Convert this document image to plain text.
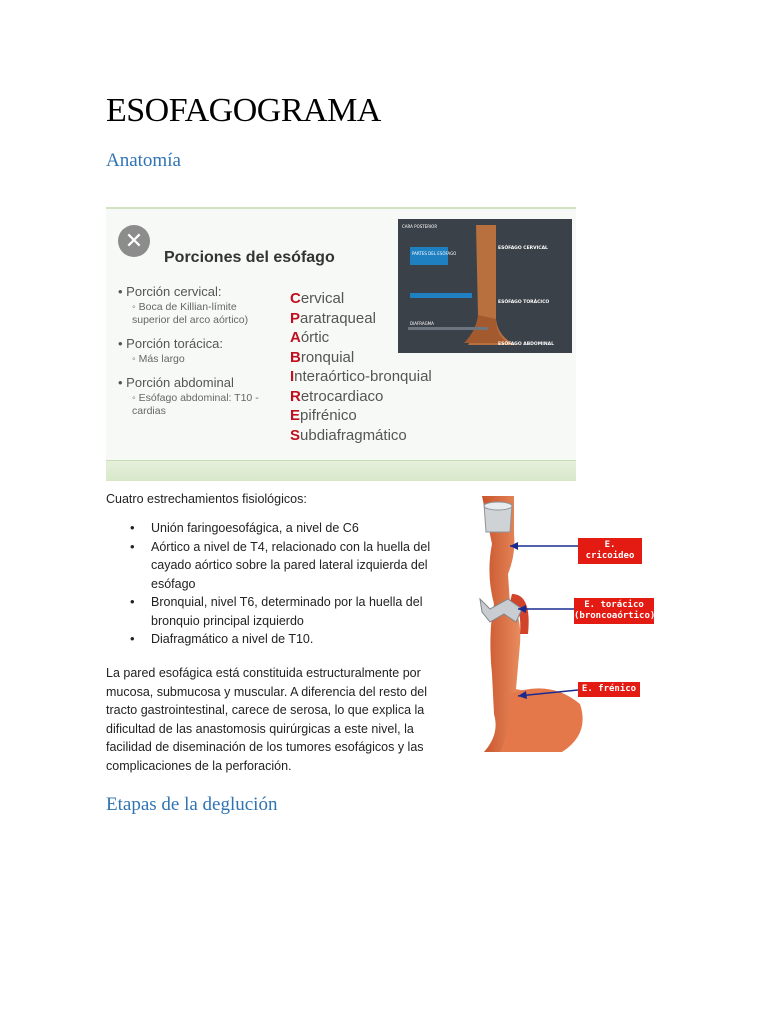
ESOFAGOGRAMA
Anatomía
✕
Porciones del esófago
• Porción cervical:
◦ Boca de Killian-límite superior del arco aórtico)
• Porción torácica:
◦ Más largo
• Porción abdominal
◦ Esófago abdominal: T10 - cardias
Cervical
Paratraqueal
Aórtic
Bronquial
Interaórtico-bronquial
Retrocardiaco
Epifrénico
Subdiafragmático
CARA POSTERIOR
PARTES DEL ESÓFAGO
ESÓFAGO CERVICAL
ESÓFAGO TORÁCICO
ESÓFAGO ABDOMINAL
DIAFRAGMA
Cuatro estrechamientos fisiológicos:
• Unión faringoesofágica, a nivel de C6
• Aórtico a nivel de T4, relacionado con la huella del cayado aórtico sobre la pared lateral izquierda del esófago
• Bronquial, nivel T6, determinado por la huella del bronquio principal izquierdo
• Diafragmático a nivel de T10.
La pared esofágica está constituida estructuralmente por mucosa, submucosa y muscular. A diferencia del resto del tracto gastrointestinal, carece de serosa, lo que explica la dificultad de las anastomosis quirúrgicas a este nivel, la facilidad de diseminación de los tumores esofágicos y las complicaciones de la perforación.
E. cricoideo
E. torácico (broncoaórtico)
E. frénico
Etapas de la deglución
